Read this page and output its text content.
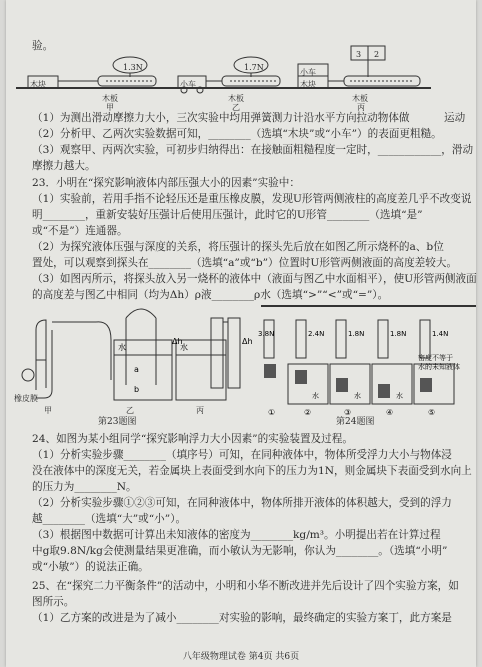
验。
1.3N	1.7N
木块	小车
小车
木块
3 2
木板	木板	木板
甲	乙	丙
（1）为测出滑动摩擦力大小，三次实验中均用弹簧测力计沿水平方向拉动物体做	运动
（2）分析甲、乙两次实验数据可知，________（选填“木块”或“小车”）的表面更粗糙。
（3）观察甲、丙两次实验，可初步归纳得出：在接触面粗糙程度一定时，____________，滑动
摩擦力越大。
23．小明在“探究影响液体内部压强大小的因素”实验中：
（1）实验前，若用手指不论轻压还是重压橡皮膜，发现U形管两侧液柱的高度差几乎不改变说
明________，重新安装好压强计后使用压强计，此时它的U形管________（选填“是”
或“不是”）连通器。
（2）为探究液体压强与深度的关系，将压强计的探头先后放在如图乙所示烧杯的a、b位
置处，可以观察到探头在________（选填“a”或“b”）位置时U形管两侧液面的高度差较大。
（3）如图丙所示，将探头放入另一烧杯的液体中（液面与图乙中水面相平），使U形管两侧液面
的高度差与图乙中相同（均为Δh）ρ液________ρ水（选填“>”“<”或“=”）。
水
a
b
水
Δh
Δh
3.8N	2.4N	1.8N	1.8N	1.4N
水	水	水
密度不等于
水的未知液体
①	②	③	④	⑤
橡皮膜
甲	乙	丙
第23题图	第24题图
24、如图为某小组同学“探究影响浮力大小因素”的实验装置及过程。
（1）分析实验步骤________（填序号）可知，在同种液体中，物体所受浮力大小与物体浸
没在液体中的深度无关，若金属块上表面受到水向下的压力为1N，则金属块下表面受到水向上
的压力为________N。
（2）分析实验步骤①②③可知，在同种液体中，物体所排开液体的体积越大，受到的浮力
越________（选填“大”或“小”）。
（3）根据图中数据可计算出未知液体的密度为________kg/m³。小明提出若在计算过程
中g取9.8N/kg会使测量结果更准确，而小敏认为无影响，你认为________。（选填“小明”
或“小敏”）的说法正确。
25、在“探究二力平衡条件”的活动中，小明和小华不断改进并先后设计了四个实验方案，如
图所示。
（1）乙方案的改进是为了减小________对实验的影响，最终确定的实验方案丁，此方案是
八年级物理试卷 第4页 共6页
